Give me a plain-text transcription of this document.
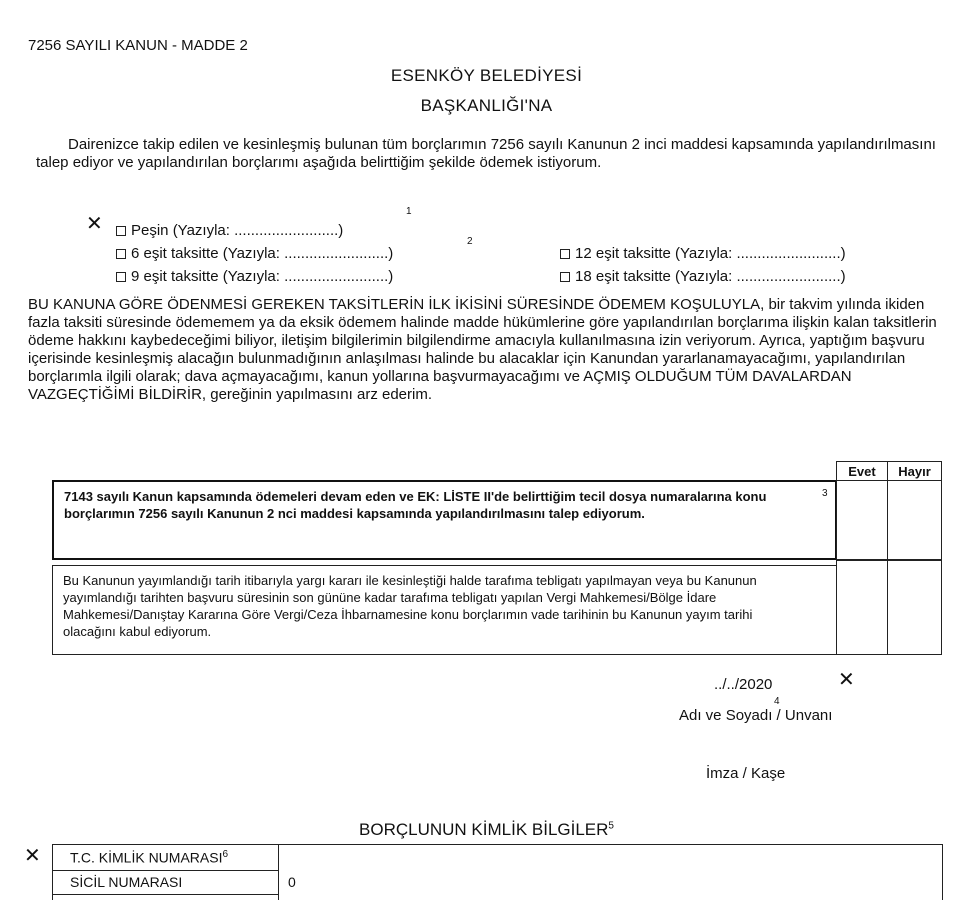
7256 SAYILI KANUN - MADDE 2
ESENKÖY BELEDİYESİ
BAŞKANLIĞI'NA
Dairenizce takip edilen ve kesinleşmiş bulunan tüm borçlarımın 7256 sayılı Kanunun 2 inci maddesi kapsamında yapılandırılmasını talep ediyor ve yapılandırılan borçlarımı aşağıda belirttiğim şekilde ödemek istiyorum.
✕	Peşin (Yazıyla: .........................)
1
6 eşit taksitte (Yazıyla: .........................)
2
9 eşit taksitte (Yazıyla: .........................)
12 eşit taksitte (Yazıyla: .........................)
18 eşit taksitte (Yazıyla: .........................)
BU KANUNA GÖRE ÖDENMESİ GEREKEN TAKSİTLERİN İLK İKİSİNİ SÜRESİNDE ÖDEMEM KOŞULUYLA, bir takvim yılında ikiden fazla taksiti süresinde ödememem ya da eksik ödemem halinde madde hükümlerine göre yapılandırılan borçlarıma ilişkin kalan taksitlerin ödeme hakkını kaybedeceğimi biliyor, iletişim bilgilerimin bilgilendirme amacıyla kullanılmasına izin veriyorum. Ayrıca, yaptığım başvuru içerisinde kesinleşmiş alacağın bulunmadığının anlaşılması halinde bu alacaklar için Kanundan yararlanamayacağımı, yapılandırılan borçlarımla ilgili olarak; dava açmayacağımı, kanun yollarına başvurmayacağımı ve AÇMIŞ OLDUĞUM TÜM DAVALARDAN VAZGEÇTİĞİMİ BİLDİRİR, gereğinin yapılmasını arz ederim.
Evet	Hayır
7143 sayılı Kanun kapsamında ödemeleri devam eden ve EK: LİSTE II'de belirttiğim tecil dosya numaralarına konu borçlarımın 7256 sayılı Kanunun 2 nci maddesi kapsamında yapılandırılmasını talep ediyorum.
3
Bu Kanunun yayımlandığı tarih itibarıyla yargı kararı ile kesinleştiği halde tarafıma tebligatı yapılmayan veya bu Kanunun yayımlandığı tarihten başvuru süresinin son gününe kadar tarafıma tebligatı yapılan Vergi Mahkemesi/Bölge İdare Mahkemesi/Danıştay Kararına Göre Vergi/Ceza İhbarnamesine konu borçlarımın vade tarihinin bu Kanunun yayım tarihi olacağını kabul ediyorum.
../../2020	✕
Adı ve Soyadı / Unvanı
4
İmza / Kaşe
BORÇLUNUN KİMLİK BİLGİLER$^5$
✕ T.C. KİMLİK NUMARASI$^6$
SİCİL NUMARASI	0
